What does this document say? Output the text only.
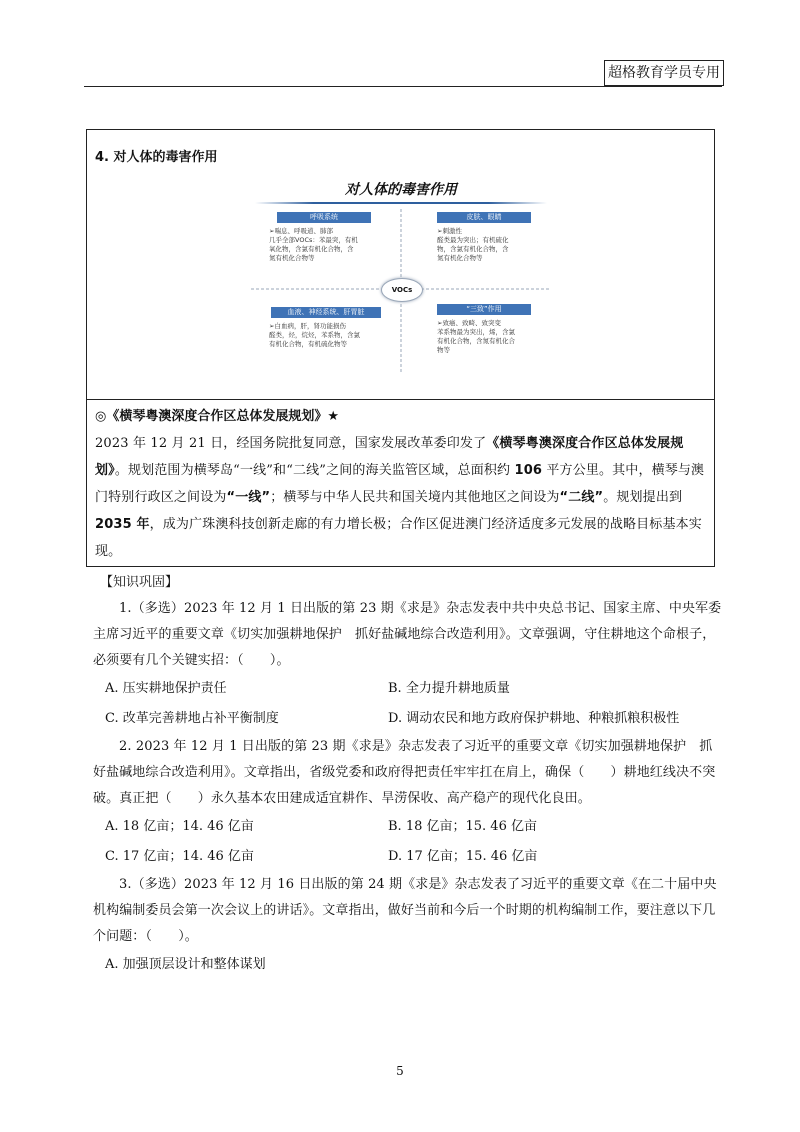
超格教育学员专用
4. 对人体的毒害作用
对人体的毒害作用
呼吸系统
➢喘息、呼吸道、肺部
几乎全部VOCs：苯最突，有机
氧化物，含氯有机化合物，含
氮有机化合物等
皮肤、眼睛
➢刺激性
醛类最为突出；有机硫化
物，含氯有机化合物，含
氮有机化合物等
VOCs
血液、神经系统、肝胃脏
➢白血病，肝，肾功能损伤
醛类，烃，烷烃，苯系物，含氯
有机化合物，有机硫化物等
“三致”作用
➢致癌、致畸、致突变
苯系物最为突出，烯，含氯
有机化合物，含氮有机化合
物等
◎《横琴粤澳深度合作区总体发展规划》★
2023 年 12 月 21 日，经国务院批复同意，国家发展改革委印发了《横琴粤澳深度合作区总体发展规划》。规划范围为横琴岛“一线”和“二线”之间的海关监管区域，总面积约 106 平方公里。其中，横琴与澳门特别行政区之间设为“一线”；横琴与中华人民共和国关境内其他地区之间设为“二线”。规划提出到2035 年，成为广珠澳科技创新走廊的有力增长极；合作区促进澳门经济适度多元发展的战略目标基本实现。
【知识巩固】
1.（多选）2023 年 12 月 1 日出版的第 23 期《求是》杂志发表中共中央总书记、国家主席、中央军委主席习近平的重要文章《切实加强耕地保护　抓好盐碱地综合改造利用》。文章强调，守住耕地这个命根子，必须要有几个关键实招：（　　）。
A. 压实耕地保护责任	B. 全力提升耕地质量
C. 改革完善耕地占补平衡制度	D. 调动农民和地方政府保护耕地、种粮抓粮积极性
2. 2023 年 12 月 1 日出版的第 23 期《求是》杂志发表了习近平的重要文章《切实加强耕地保护　抓好盐碱地综合改造利用》。文章指出，省级党委和政府得把责任牢牢扛在肩上，确保（　　）耕地红线决不突破。真正把（　　）永久基本农田建成适宜耕作、旱涝保收、高产稳产的现代化良田。
A. 18 亿亩；14. 46 亿亩	B. 18 亿亩；15. 46 亿亩
C. 17 亿亩；14. 46 亿亩	D. 17 亿亩；15. 46 亿亩
3.（多选）2023 年 12 月 16 日出版的第 24 期《求是》杂志发表了习近平的重要文章《在二十届中央机构编制委员会第一次会议上的讲话》。文章指出，做好当前和今后一个时期的机构编制工作，要注意以下几个问题：（　　）。
A. 加强顶层设计和整体谋划
5
